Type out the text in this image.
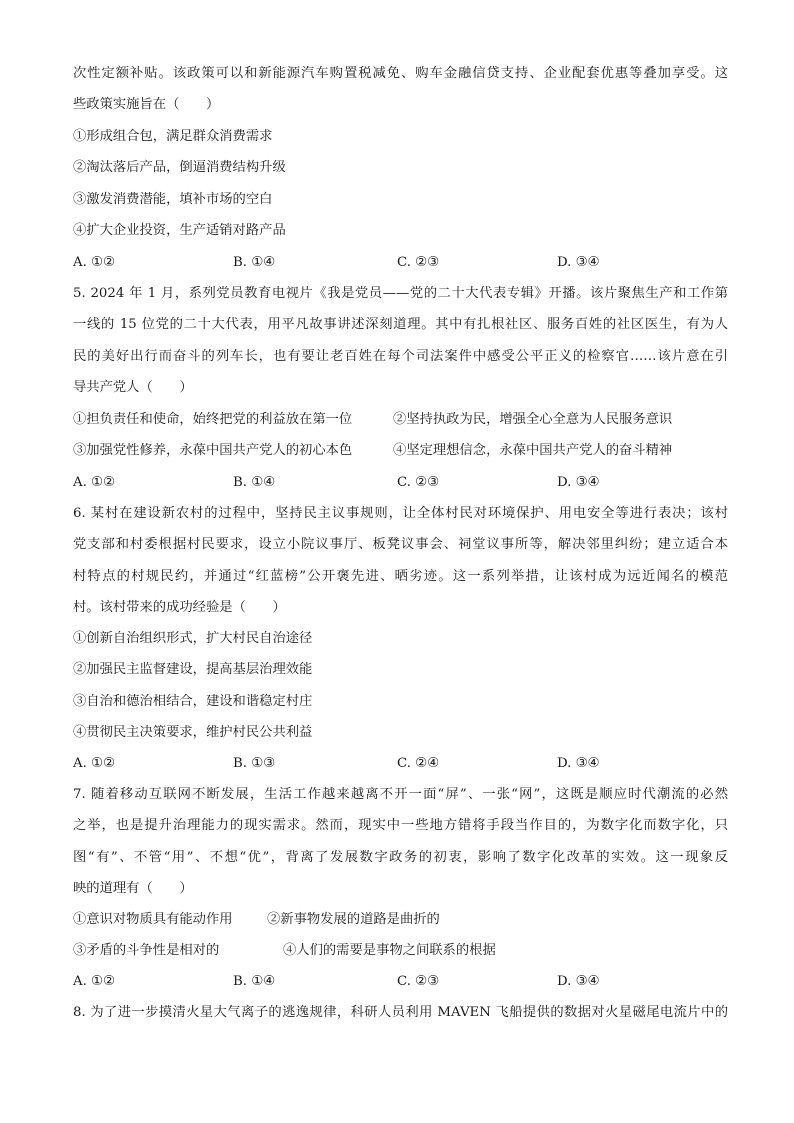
次性定额补贴。该政策可以和新能源汽车购置税减免、购车金融信贷支持、企业配套优惠等叠加享受。这
些政策实施旨在（　　）
①形成组合包，满足群众消费需求
②淘汰落后产品，倒逼消费结构升级
③激发消费潜能，填补市场的空白
④扩大企业投资，生产适销对路产品
A. ①②	B. ①④	C. ②③	D. ③④
5. 2024 年 1 月，系列党员教育电视片《我是党员——党的二十大代表专辑》开播。该片聚焦生产和工作第
一线的 15 位党的二十大代表，用平凡故事讲述深刻道理。其中有扎根社区、服务百姓的社区医生，有为人
民的美好出行而奋斗的列车长，也有要让老百姓在每个司法案件中感受公平正义的检察官……该片意在引
导共产党人（　　）
①担负责任和使命，始终把党的利益放在第一位	②坚持执政为民，增强全心全意为人民服务意识
③加强党性修养，永葆中国共产党人的初心本色	④坚定理想信念，永葆中国共产党人的奋斗精神
A. ①②	B. ①④	C. ②③	D. ③④
6. 某村在建设新农村的过程中，坚持民主议事规则，让全体村民对环境保护、用电安全等进行表决；该村
党支部和村委根据村民要求，设立小院议事厅、板凳议事会、祠堂议事所等，解决邻里纠纷；建立适合本
村特点的村规民约，并通过“红蓝榜”公开褒先进、晒劣迹。这一系列举措，让该村成为远近闻名的模范
村。该村带来的成功经验是（　　）
①创新自治组织形式，扩大村民自治途径
②加强民主监督建设，提高基层治理效能
③自治和德治相结合，建设和谐稳定村庄
④贯彻民主决策要求，维护村民公共利益
A. ①②	B. ①③	C. ②④	D. ③④
7. 随着移动互联网不断发展，生活工作越来越离不开一面“屏”、一张“网”，这既是顺应时代潮流的必然
之举，也是提升治理能力的现实需求。然而，现实中一些地方错将手段当作目的，为数字化而数字化，只
图“有”、不管“用”、不想“优”，背离了发展数字政务的初衷，影响了数字化改革的实效。这一现象反
映的道理有（　　）
①意识对物质具有能动作用	②新事物发展的道路是曲折的
③矛盾的斗争性是相对的	④人们的需要是事物之间联系的根据
A. ①②	B. ①④	C. ②③	D. ③④
8. 为了进一步摸清火星大气离子的逃逸规律，科研人员利用 MAVEN 飞船提供的数据对火星磁尾电流片中的
